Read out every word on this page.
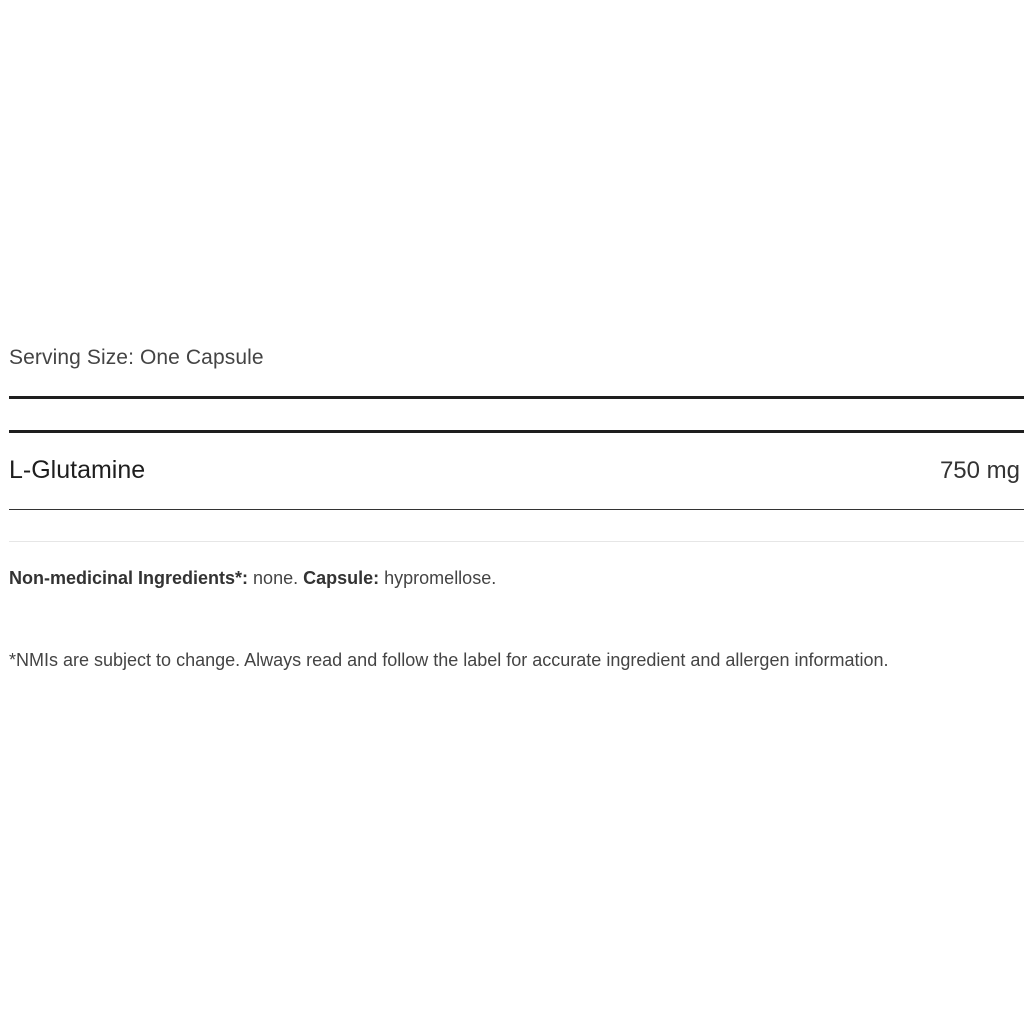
Serving Size: One Capsule
L-Glutamine	750 mg
Non-medicinal Ingredients*: none. Capsule: hypromellose.
*NMIs are subject to change. Always read and follow the label for accurate ingredient and allergen information.
